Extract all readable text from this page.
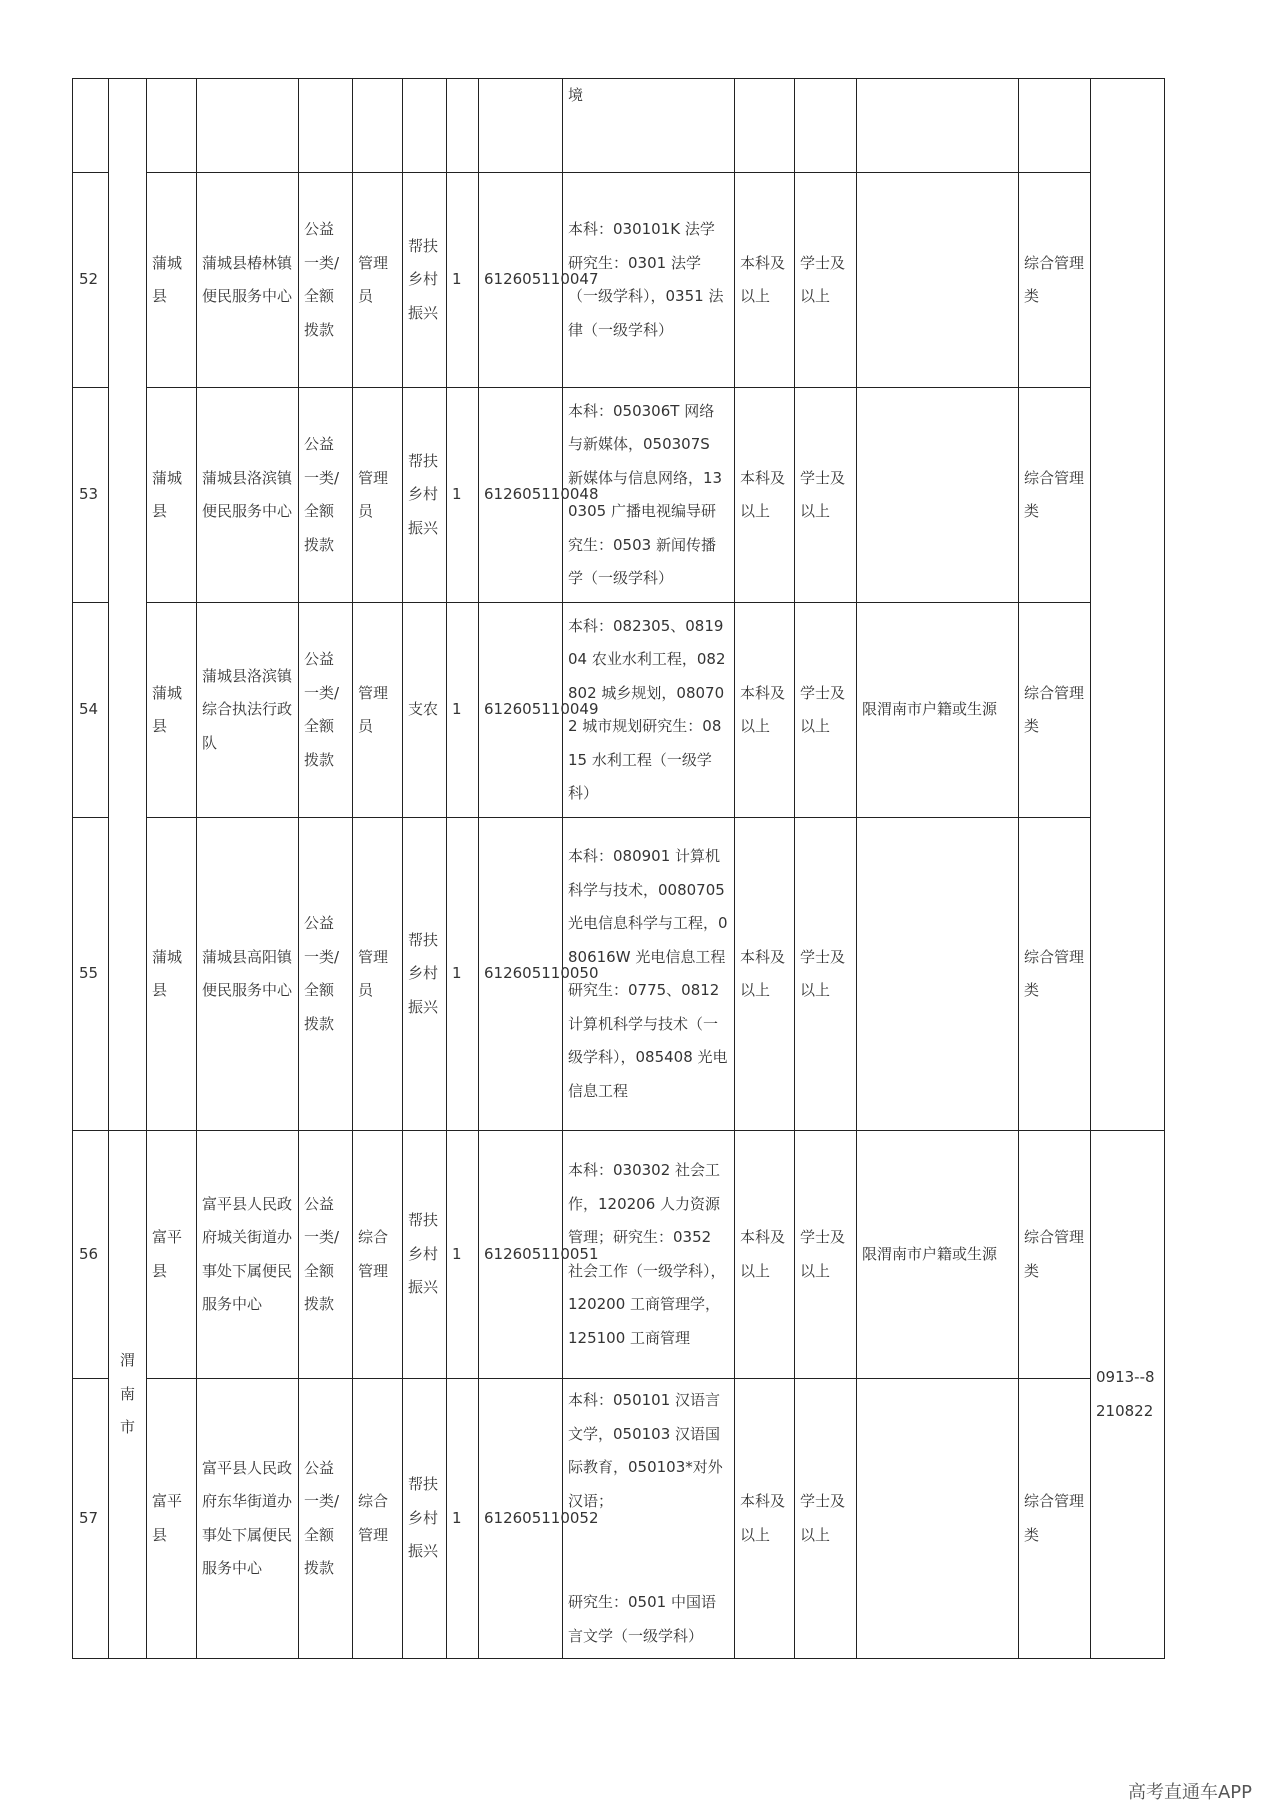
									境						
52		蒲城县	蒲城县椿林镇便民服务中心	公益一类/全额拨款	管理员	帮扶乡村振兴	1	612605110047	本科：030101K 法学研究生：0301 法学（一级学科），0351 法律（一级学科）	本科及以上	学士及以上		综合管理类		
53		蒲城县	蒲城县洛滨镇便民服务中心	公益一类/全额拨款	管理员	帮扶乡村振兴	1	612605110048	本科：050306T 网络与新媒体，050307S 新媒体与信息网络，130305 广播电视编导研究生：0503 新闻传播学（一级学科）	本科及以上	学士及以上		综合管理类		
54		蒲城县	蒲城县洛滨镇综合执法行政队	公益一类/全额拨款	管理员	支农	1	612605110049	本科：082305、081904 农业水利工程，082802 城乡规划，080702 城市规划研究生：0815 水利工程（一级学科）	本科及以上	学士及以上	限渭南市户籍或生源	综合管理类		
55		蒲城县	蒲城县高阳镇便民服务中心	公益一类/全额拨款	管理员	帮扶乡村振兴	1	612605110050	本科：080901 计算机科学与技术，0080705 光电信息科学与工程，080616W 光电信息工程研究生：0775、0812 计算机科学与技术（一级学科），085408 光电信息工程	本科及以上	学士及以上		综合管理类		
56	渭南市	富平县	富平县人民政府城关街道办事处下属便民服务中心	公益一类/全额拨款	综合管理	帮扶乡村振兴	1	612605110051	本科：030302 社会工作，120206 人力资源管理；研究生：0352 社会工作（一级学科），120200 工商管理学，125100 工商管理	本科及以上	学士及以上	限渭南市户籍或生源	综合管理类	0913--8210822	
57		富平县	富平县人民政府东华街道办事处下属便民服务中心	公益一类/全额拨款	综合管理	帮扶乡村振兴	1	612605110052	本科：050101 汉语言文学，050103 汉语国际教育，050103*对外汉语；
研究生：0501 中国语言文学（一级学科）	本科及以上	学士及以上		综合管理类		
高考直通车APP
